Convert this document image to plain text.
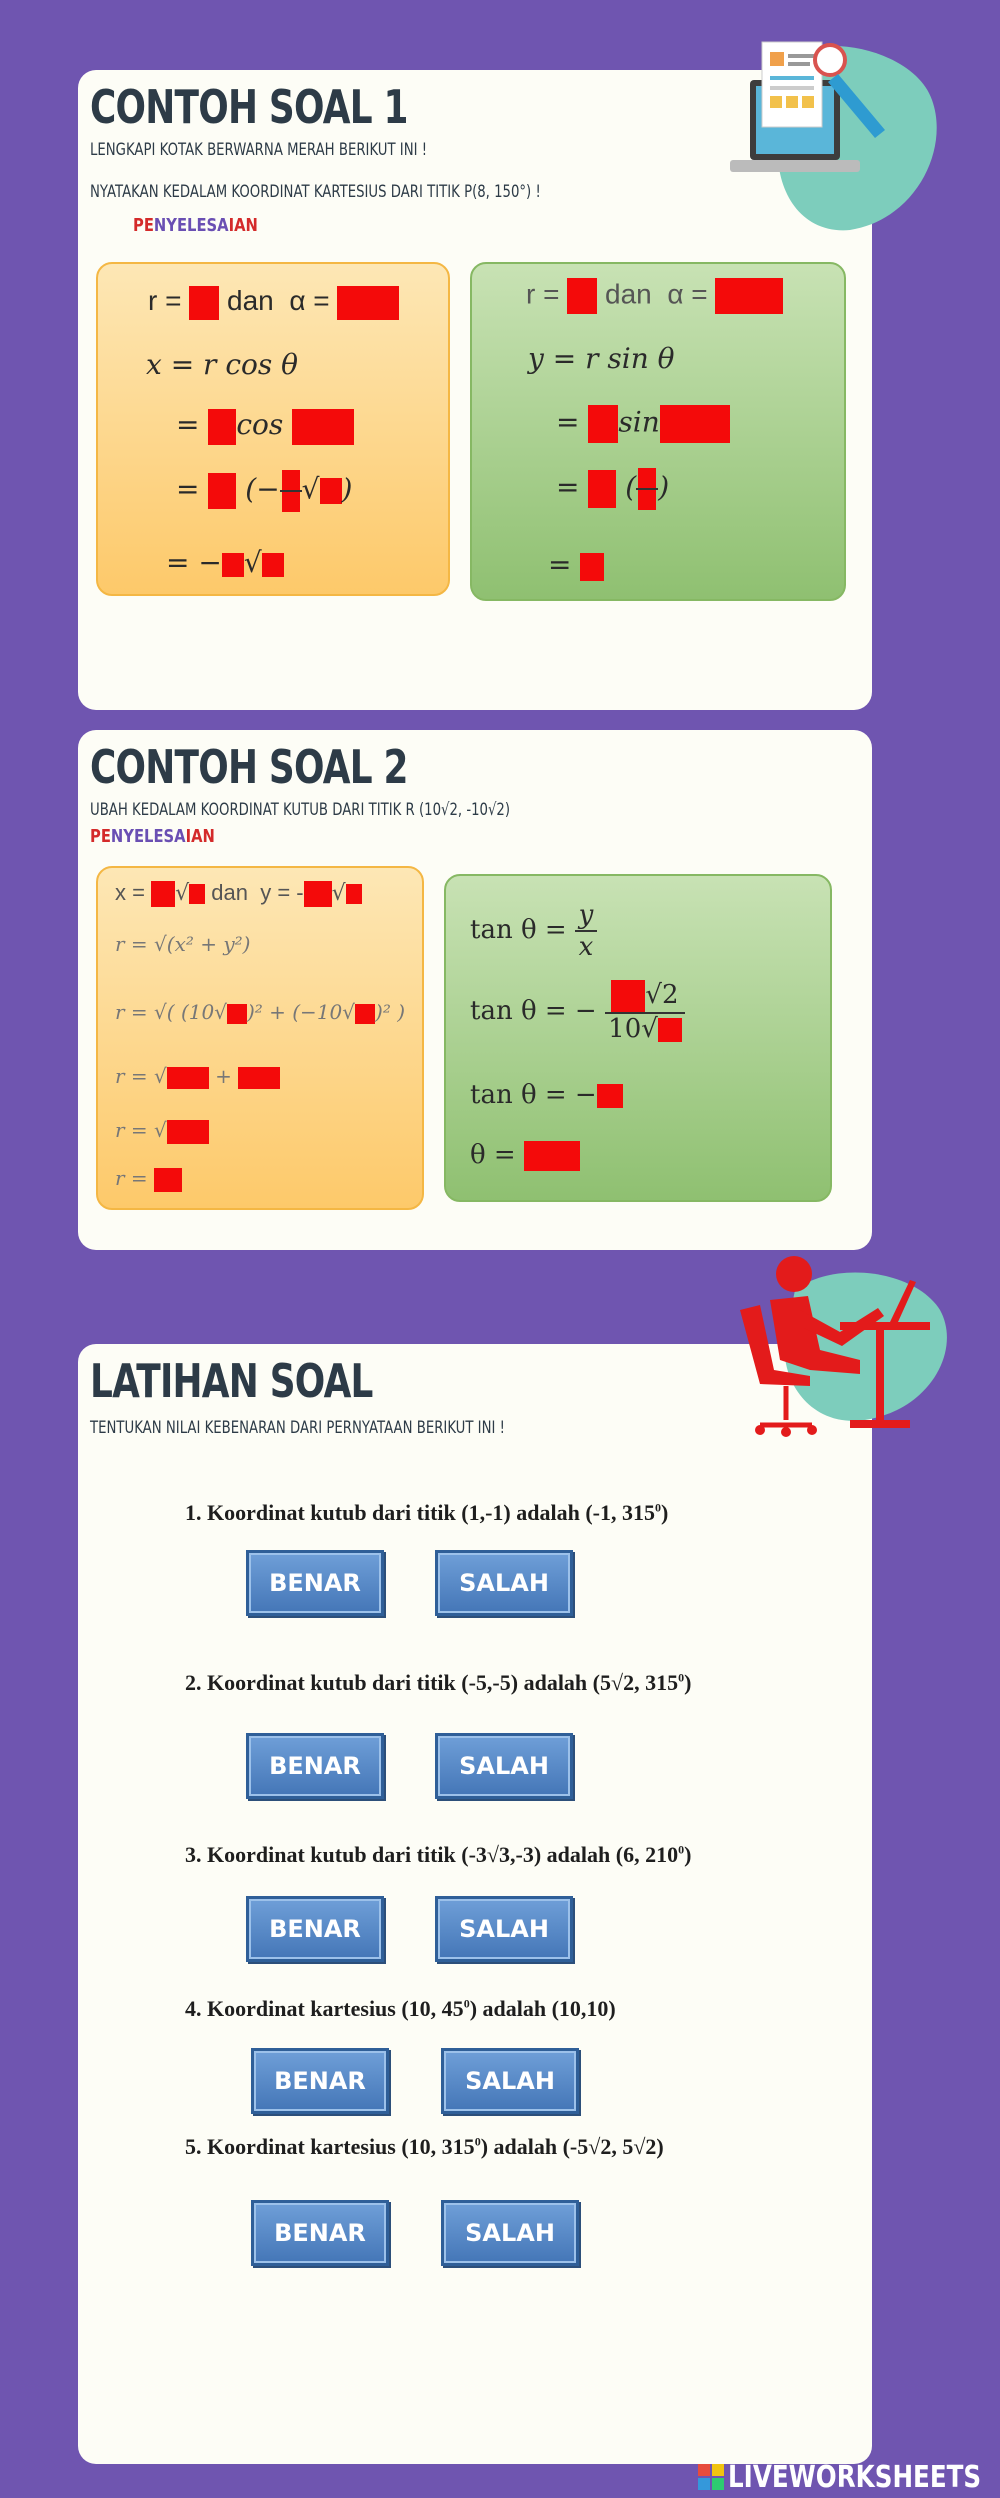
CONTOH SOAL 1
LENGKAPI KOTAK BERWARNA MERAH BERIKUT INI !
NYATAKAN KEDALAM KOORDINAT KARTESIUS DARI TITIK P(8, 150°) !
PENYELESAIAN
r = dan α =
x = r cos θ
= cos
= (− √ )
= − √
r = dan α =
y = r sin θ
= sin
= ( )
=
CONTOH SOAL 2
UBAH KEDALAM KOORDINAT KUTUB DARI TITIK R (10√2, -10√2)
PENYELESAIAN
x = √ dan y = - √
r = √(x² + y²)
r = √( (10√ )² + (−10√ )² )
r = √ +
r = √
r =
$\tan \theta = \frac{y}{x}$
tan θ = − $\frac{√2}{10√}$
tan θ = −
θ =
LATIHAN SOAL
TENTUKAN NILAI KEBENARAN DARI PERNYATAAN BERIKUT INI !
1. Koordinat kutub dari titik (1,-1) adalah (-1, $315^0$)
BENAR	SALAH
2. Koordinat kutub dari titik (-5,-5) adalah (5√2, $315^0$)
BENAR	SALAH
3. Koordinat kutub dari titik (-3√3,-3) adalah (6, $210^0$)
BENAR	SALAH
4. Koordinat kartesius (10, $45^0$) adalah (10,10)
BENAR	SALAH
5. Koordinat kartesius (10, $315^0$) adalah (-5√2, 5√2)
BENAR	SALAH
LIVEWORKSHEETS
